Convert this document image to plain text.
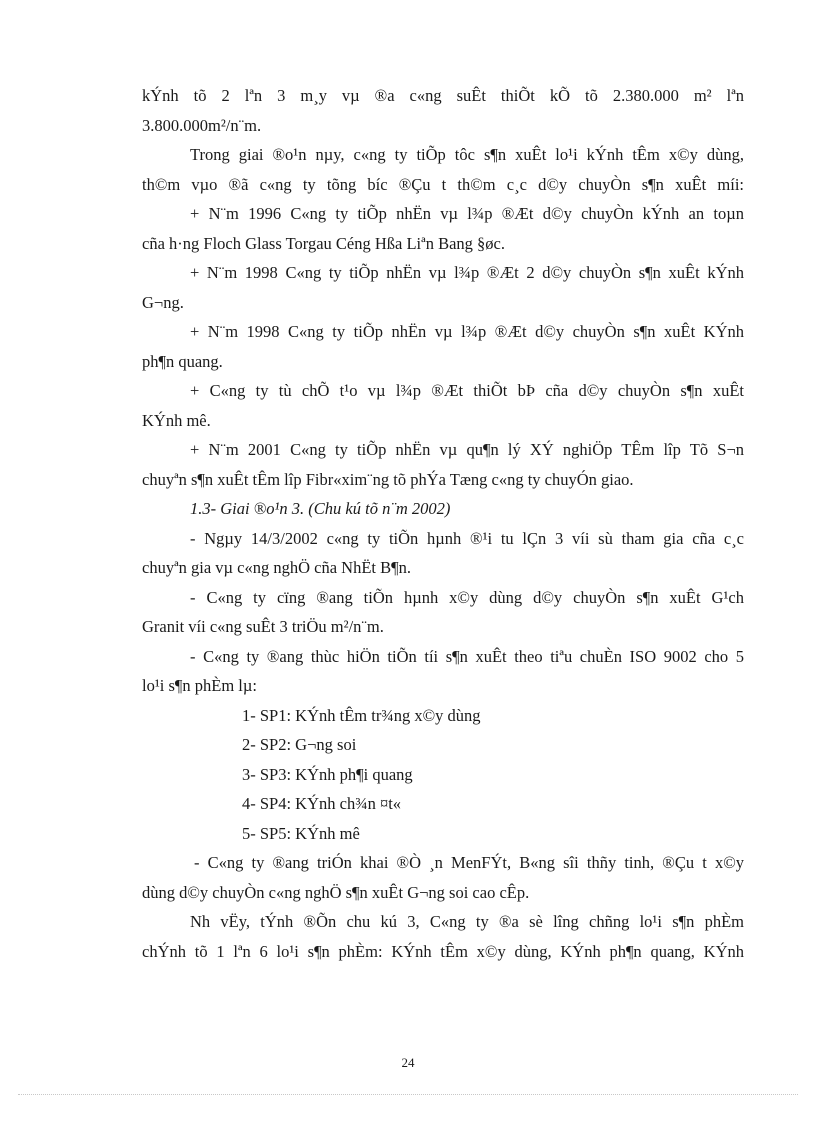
kÝnh tõ 2 lªn 3 m¸y vµ ®a c«ng suÊt thiÕt kÕ tõ 2.380.000 m² lªn
3.800.000m²/n¨m.
Trong giai ®o¹n nµy, c«ng ty tiÕp tôc s¶n xuÊt lo¹i kÝnh tÊm x©y dùng,
th©m vµo ®ã c«ng ty tõng bíc ®Çu t th©m c¸c d©y chuyÒn s¶n xuÊt míi:
+ N¨m 1996 C«ng ty tiÕp nhËn vµ l¾p ®Æt d©y chuyÒn kÝnh an toµn
cña h·ng Floch Glass Torgau Céng Hßa Liªn Bang §øc.
+ N¨m 1998 C«ng ty tiÕp nhËn vµ l¾p ®Æt 2 d©y chuyÒn s¶n xuÊt kÝnh
G¬ng.
+ N¨m 1998 C«ng ty tiÕp nhËn vµ l¾p ®Æt d©y chuyÒn s¶n xuÊt KÝnh
ph¶n quang.
+ C«ng ty tù chÕ t¹o vµ l¾p ®Æt thiÕt bÞ cña d©y chuyÒn s¶n xuÊt
KÝnh mê.
+ N¨m 2001 C«ng ty tiÕp nhËn vµ qu¶n lý XÝ nghiÖp TÊm lîp Tõ S¬n
chuyªn s¶n xuÊt tÊm lîp Fibr«xim¨ng tõ phÝa Tæng c«ng ty chuyÓn giao.
1.3- Giai ®o¹n 3. (Chu kú tõ n¨m 2002)
- Ngµy 14/3/2002 c«ng ty tiÕn hµnh ®¹i tu lÇn 3 víi sù tham gia cña c¸c
chuyªn gia vµ c«ng nghÖ cña NhËt B¶n.
- C«ng ty cïng ®ang tiÕn hµnh x©y dùng d©y chuyÒn s¶n xuÊt G¹ch
Granit víi c«ng suÊt 3 triÖu m²/n¨m.
- C«ng ty ®ang thùc hiÖn tiÕn tíi s¶n xuÊt theo tiªu chuÈn ISO 9002 cho 5
lo¹i s¶n phÈm lµ:
1- SP1: KÝnh tÊm tr¾ng x©y dùng
2- SP2: G¬ng soi
3- SP3: KÝnh ph¶i quang
4- SP4: KÝnh ch¾n ¤t«
5- SP5: KÝnh mê
- C«ng ty ®ang triÓn khai ®Ò ¸n MenFÝt, B«ng sîi thñy tinh, ®Çu t x©y
dùng d©y chuyÒn c«ng nghÖ s¶n xuÊt G¬ng soi cao cÊp.
Nh vËy, tÝnh ®Õn chu kú 3, C«ng ty ®a sè lîng chñng lo¹i s¶n phÈm
chÝnh tõ 1 lªn 6 lo¹i s¶n phÈm: KÝnh tÊm x©y dùng, KÝnh ph¶n quang, KÝnh
24
